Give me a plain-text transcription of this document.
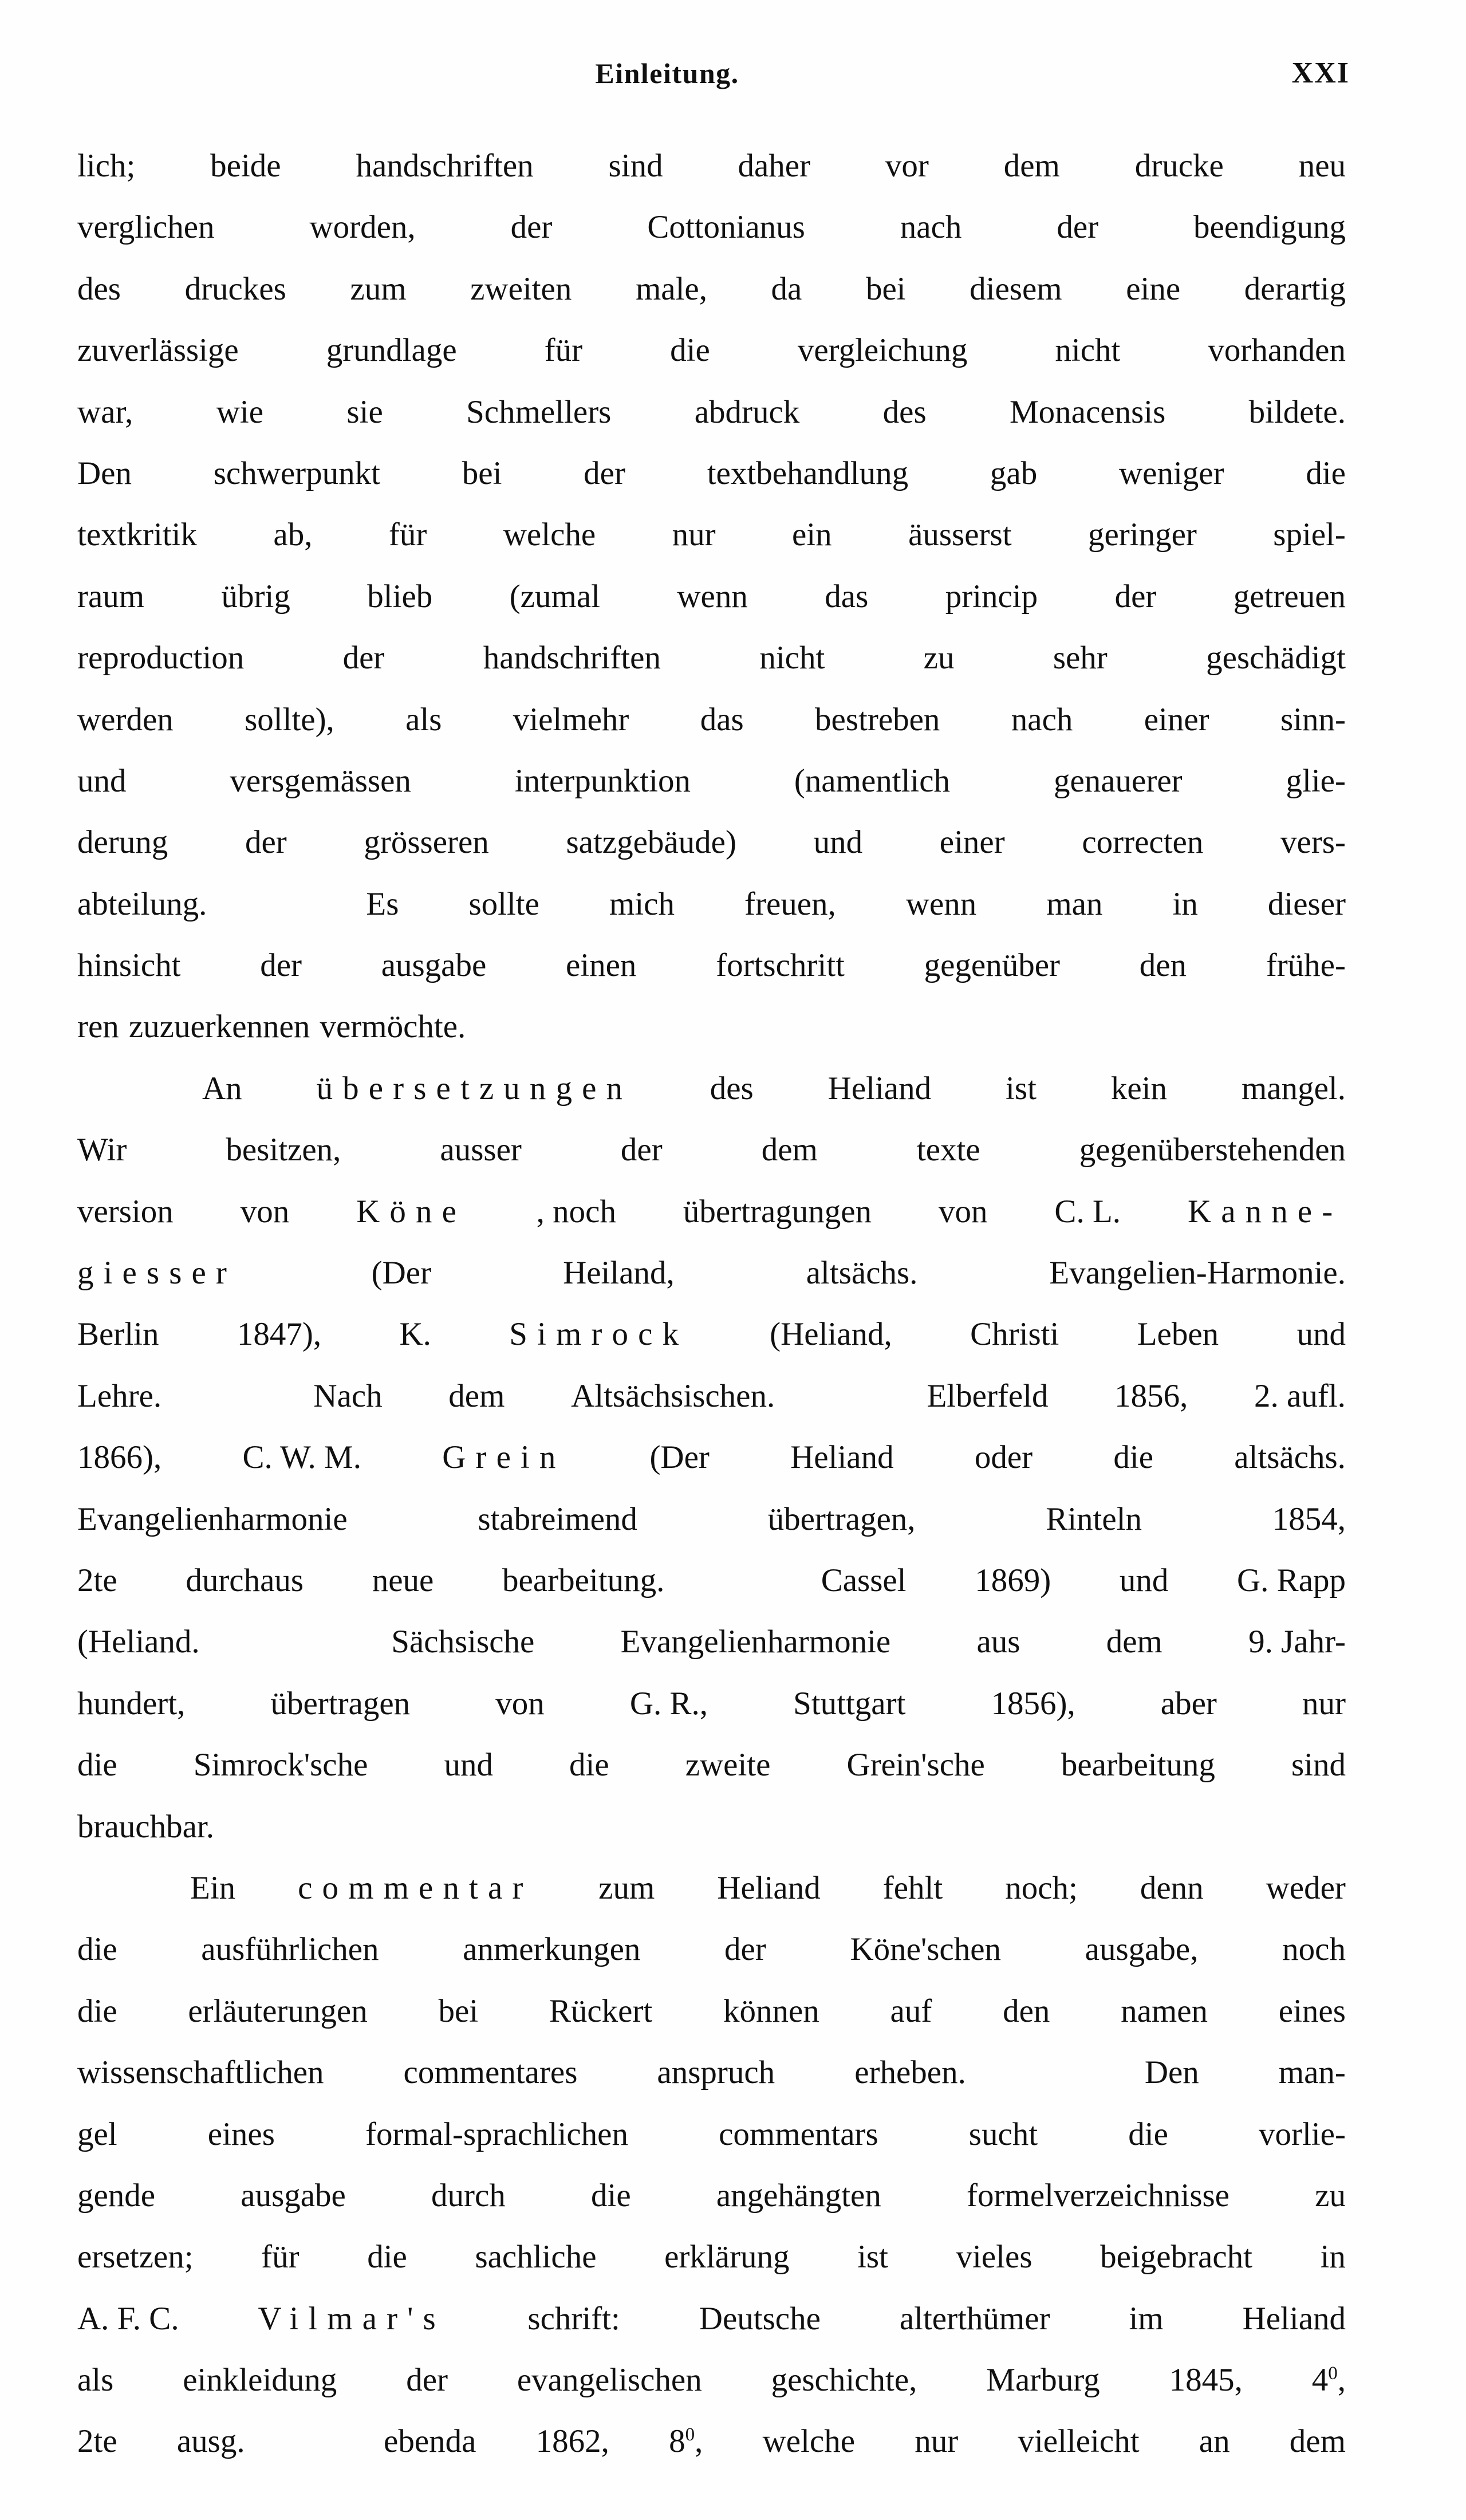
Einleitung.	XXI
lich; beide handschriften sind daher vor dem drucke neu
verglichen	worden,	der	Cottonianus	nach	der	beendigung
des druckes zum zweiten male, da bei diesem eine derartig
zuverlässige	grundlage	für	die	vergleichung	nicht	vorhanden
war,	wie	sie	Schmellers	abdruck	des	Monacensis	bildete.
Den	schwerpunkt	bei	der	textbehandlung	gab	weniger	die
textkritik ab, für welche nur ein äusserst geringer spiel-
raum übrig blieb (zumal wenn das princip der getreuen
reproduction	der	handschriften	nicht	zu	sehr	geschädigt
werden sollte), als vielmehr das bestreben nach einer sinn-
und	versgemässen	interpunktion	(namentlich	genauerer	glie-
derung der grösseren satzgebäude) und einer correcten vers-
abteilung.	Es sollte mich freuen, wenn man in dieser
hinsicht der ausgabe einen fortschritt gegenüber den frühe-
ren zuzuerkennen vermöchte.
An übersetzungen des Heliand ist kein mangel.
Wir	besitzen,	ausser	der	dem	texte	gegenüberstehenden
version von Köne , noch übertragungen von C. L. Kanne-
giesser	(Der	Heiland,	altsächs.	Evangelien-Harmonie.
Berlin 1847), K. Simrock (Heliand, Christi Leben und
Lehre.	Nach dem Altsächsischen.	Elberfeld 1856, 2. aufl.
1866), C. W. M. Grein	(Der Heliand oder die altsächs.
Evangelienharmonie	stabreimend	übertragen,	Rinteln	1854,
2te durchaus neue bearbeitung.	Cassel 1869) und G. Rapp
(Heliand.	Sächsische	Evangelienharmonie	aus	dem	9. Jahr-
hundert,	übertragen	von	G. R.,	Stuttgart	1856),	aber	nur
die Simrock'sche und die zweite Grein'sche bearbeitung sind
brauchbar.
Ein commentar zum Heliand fehlt noch; denn weder
die	ausführlichen	anmerkungen	der	Köne'schen	ausgabe,	noch
die erläuterungen bei Rückert können auf den namen eines
wissenschaftlichen commentares anspruch erheben.	Den man-
gel	eines	formal-sprachlichen	commentars	sucht	die	vorlie-
gende	ausgabe	durch	die	angehängten	formelverzeichnisse	zu
ersetzen; für die sachliche erklärung ist vieles beigebracht in
A. F. C. Vilmar's	schrift: Deutsche alterthümer im Heliand
als einkleidung der evangelischen geschichte, Marburg 1845, $4^0$,
2te ausg.	ebenda 1862, $8^0$, welche nur vielleicht an dem
